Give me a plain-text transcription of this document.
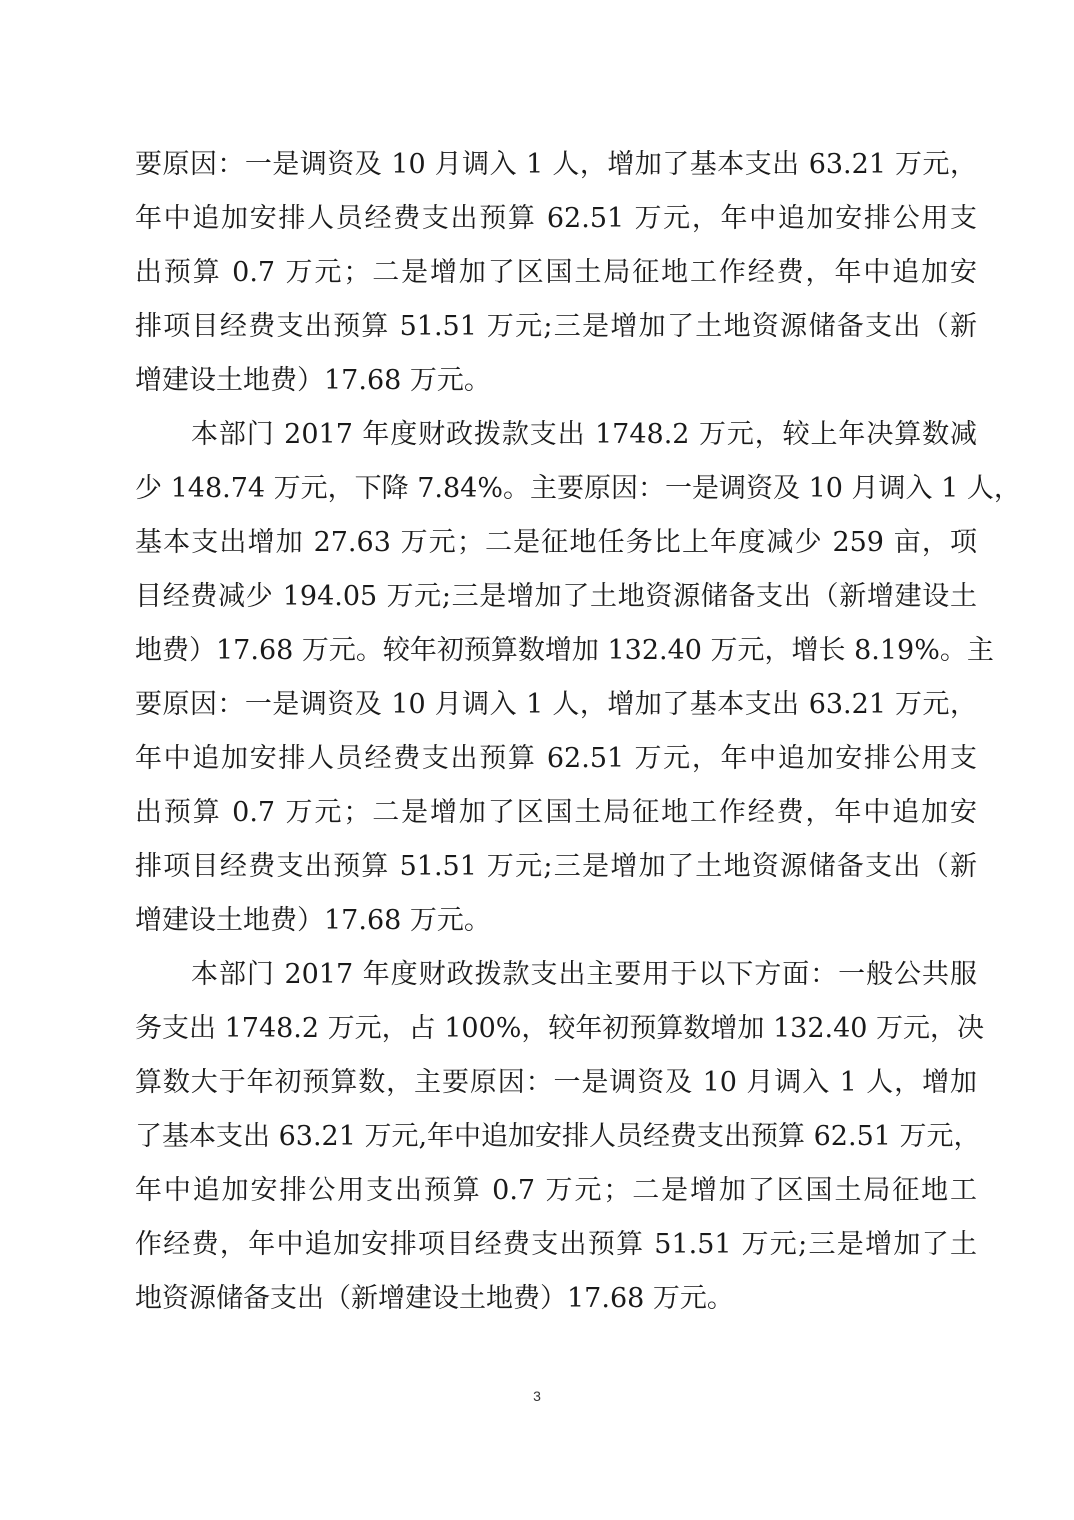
要原因：一是调资及 10 月调入 1 人，增加了基本支出 63.21 万元，
年中追加安排人员经费支出预算 62.51 万元，年中追加安排公用支
出预算 0.7 万元；二是增加了区国土局征地工作经费，年中追加安
排项目经费支出预算 51.51 万元;三是增加了土地资源储备支出（新
增建设土地费）17.68 万元。
本部门 2017 年度财政拨款支出 1748.2 万元，较上年决算数减
少 148.74 万元，下降 7.84%。主要原因：一是调资及 10 月调入 1 人，
基本支出增加 27.63 万元；二是征地任务比上年度减少 259 亩，项
目经费减少 194.05 万元;三是增加了土地资源储备支出（新增建设土
地费）17.68 万元。较年初预算数增加 132.40 万元，增长 8.19%。主
要原因：一是调资及 10 月调入 1 人，增加了基本支出 63.21 万元，
年中追加安排人员经费支出预算 62.51 万元，年中追加安排公用支
出预算 0.7 万元；二是增加了区国土局征地工作经费，年中追加安
排项目经费支出预算 51.51 万元;三是增加了土地资源储备支出（新
增建设土地费）17.68 万元。
本部门 2017 年度财政拨款支出主要用于以下方面：一般公共服
务支出 1748.2 万元，占 100%，较年初预算数增加 132.40 万元，决
算数大于年初预算数，主要原因：一是调资及 10 月调入 1 人，增加
了基本支出 63.21 万元,年中追加安排人员经费支出预算 62.51 万元，
年中追加安排公用支出预算 0.7 万元；二是增加了区国土局征地工
作经费，年中追加安排项目经费支出预算 51.51 万元;三是增加了土
地资源储备支出（新增建设土地费）17.68 万元。
3
